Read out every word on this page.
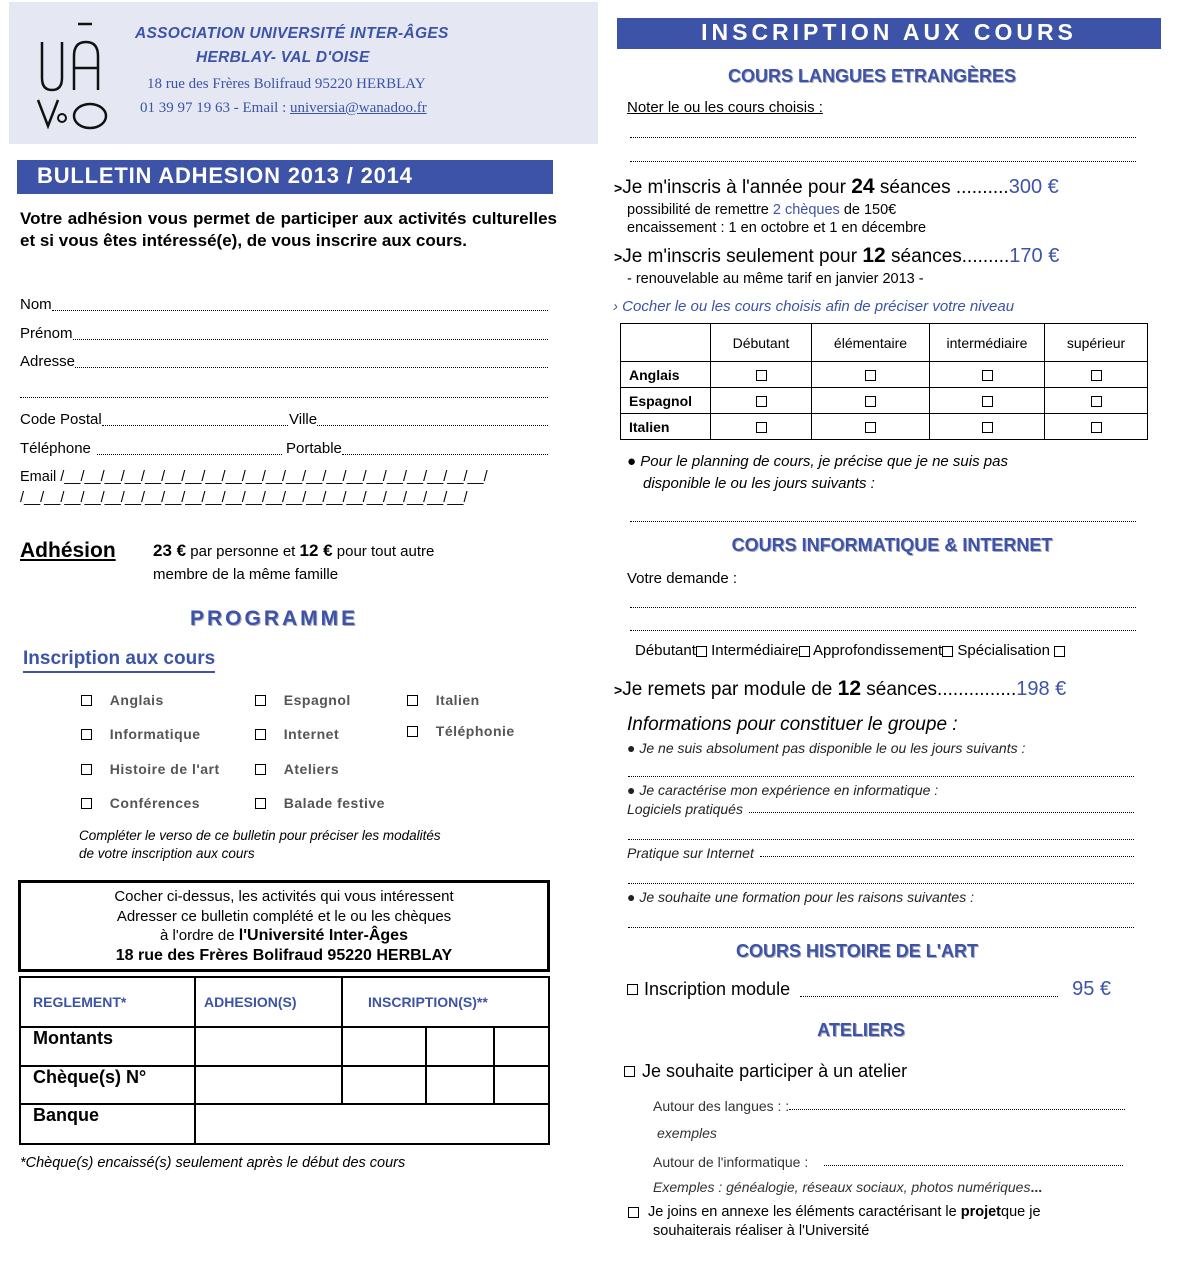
ASSOCIATION UNIVERSITÉ INTER-ÂGES
HERBLAY- VAL D'OISE
18 rue des Frères Bolifraud 95220 HERBLAY
01 39 97 19 63 - Email : universia@wanadoo.fr
BULLETIN ADHESION 2013 / 2014
Votre adhésion vous permet de participer aux activités culturelles et si vous êtes intéressé(e), de vous inscrire aux cours.
Nom
Prénom
Adresse
Code Postal	Ville
Téléphone	Portable
Email /__/__/__/__/__/__/__/__/__/__/__/__/__/__/__/__/__/__/__/__/__/
/__/__/__/__/__/__/__/__/__/__/__/__/__/__/__/__/__/__/__/__/__/__/
Adhésion 23 € par personne et 12 € pour tout autre
membre de la même famille
PROGRAMME
Inscription aux cours
Anglais	Espagnol	Italien
Informatique	Internet	Téléphonie
Histoire de l'art	Ateliers
Conférences	Balade festive
Compléter le verso de ce bulletin pour préciser les modalités
de votre inscription aux cours
Cocher ci-dessus, les activités qui vous intéressent
Adresser ce bulletin complété et le ou les chèques
à l'ordre de l'Université Inter-Âges
18 rue des Frères Bolifraud 95220 HERBLAY
REGLEMENT*	ADHESION(S)	INSCRIPTION(S)**		
Montants				
Chèque(s) N°				
Banque				
*Chèque(s) encaissé(s) seulement après le début des cours
INSCRIPTION AUX COURS
COURS LANGUES ETRANGÈRES
Noter le ou les cours choisis :
>Je m'inscris à l'année pour 24 séances ..........300 €
possibilité de remettre 2 chèques de 150€
encaissement : 1 en octobre et 1 en décembre
>Je m'inscris seulement pour 12 séances.........170 €
- renouvelable au même tarif en janvier 2013 -
› Cocher le ou les cours choisis afin de préciser votre niveau
	Débutant	élémentaire	intermédiaire	supérieur
Anglais				
Espagnol				
Italien				
● Pour le planning de cours, je précise que je ne suis pas
disponible le ou les jours suivants :
COURS INFORMATIQUE & INTERNET
Votre demande :
Débutant Intermédiaire Approfondissement Spécialisation
>Je remets par module de 12 séances...............198 €
Informations pour constituer le groupe :
● Je ne suis absolument pas disponible le ou les jours suivants :
● Je caractérise mon expérience en informatique :
Logiciels pratiqués
Pratique sur Internet
● Je souhaite une formation pour les raisons suivantes :
COURS HISTOIRE DE L'ART
Inscription module	95 €
ATELIERS
Je souhaite participer à un atelier
Autour des langues : :
exemples
Autour de l'informatique :
Exemples : généalogie, réseaux sociaux, photos numériques...
Je joins en annexe les éléments caractérisant le
projet que je
souhaiterais réaliser à l'Université
